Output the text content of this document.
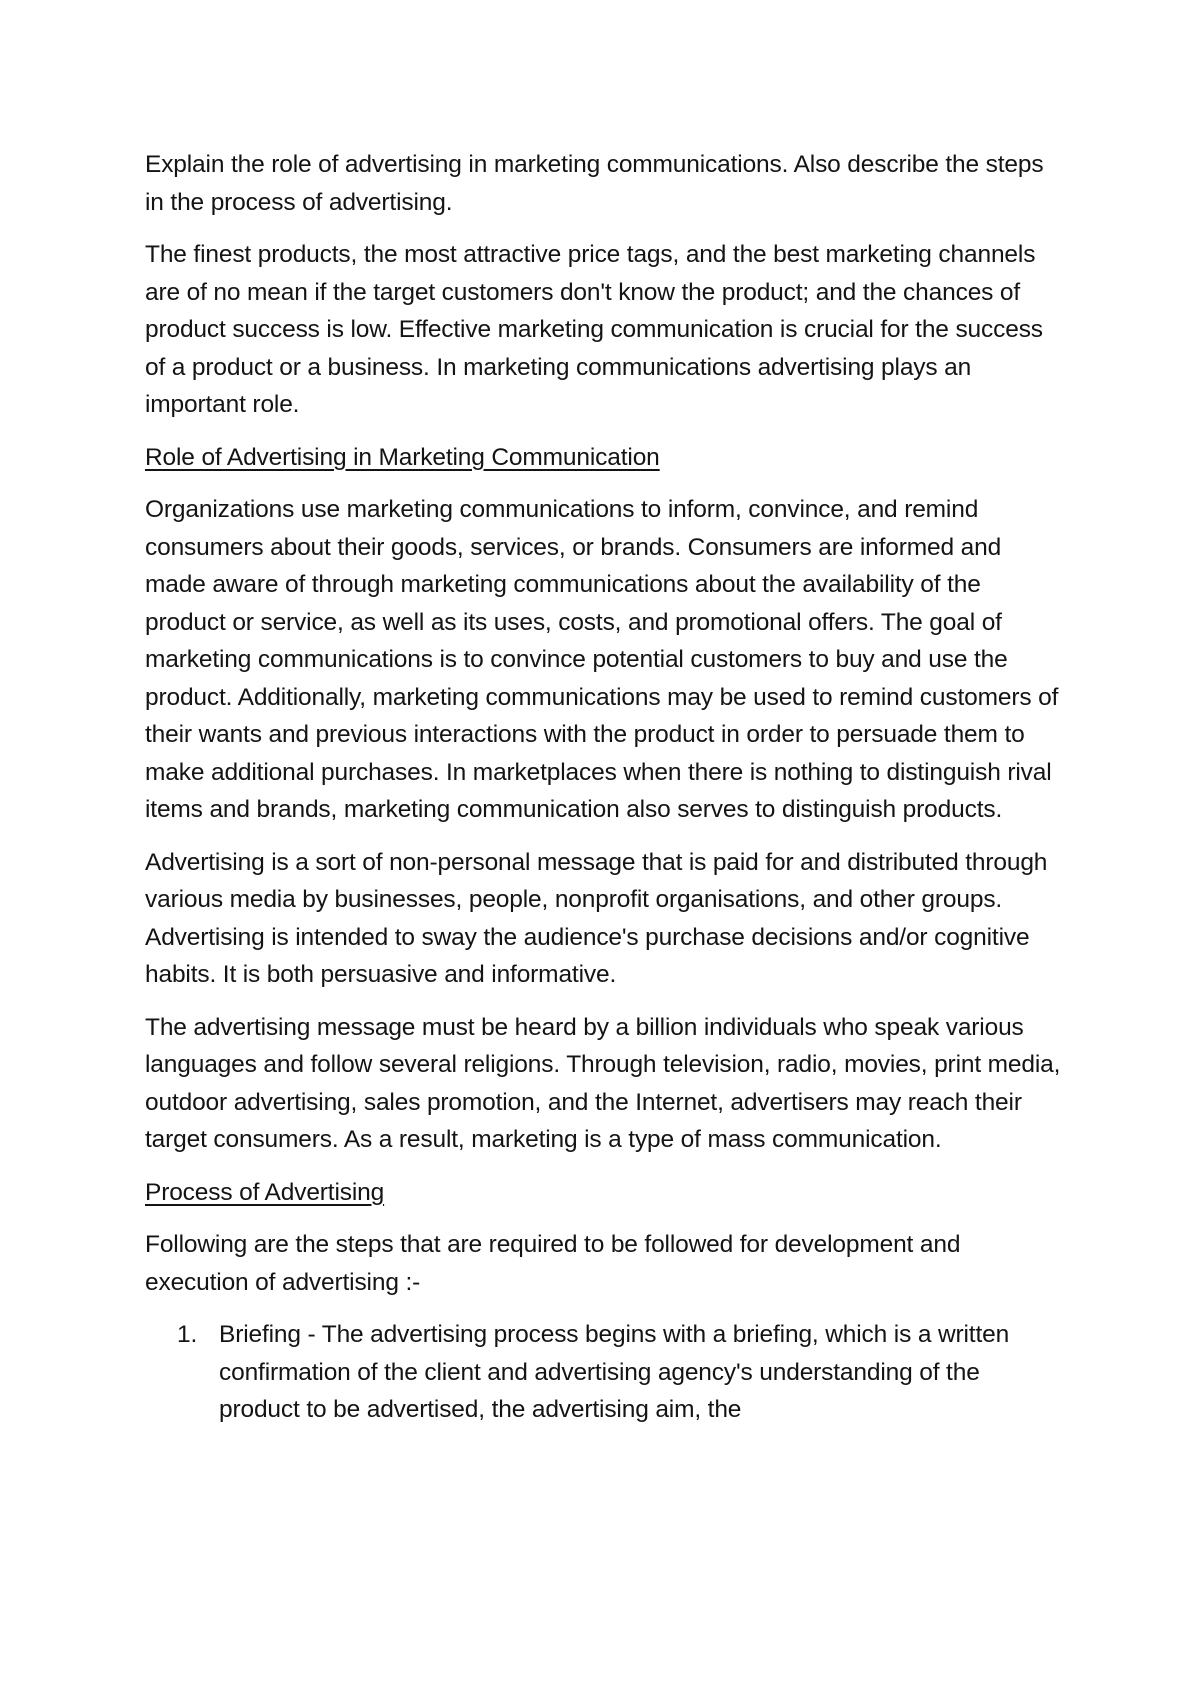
Explain the role of advertising in marketing communications. Also describe the steps in the process of advertising.

The finest products, the most attractive price tags, and the best marketing channels are of no mean if the target customers don't know the product; and the chances of product success is low. Effective marketing communication is crucial for the success of a product or a business. In marketing communications advertising plays an important role.

Role of Advertising in Marketing Communication

Organizations use marketing communications to inform, convince, and remind consumers about their goods, services, or brands. Consumers are informed and made aware of through marketing communications about the availability of the product or service, as well as its uses, costs, and promotional offers. The goal of marketing communications is to convince potential customers to buy and use the product. Additionally, marketing communications may be used to remind customers of their wants and previous interactions with the product in order to persuade them to make additional purchases. In marketplaces when there is nothing to distinguish rival items and brands, marketing communication also serves to distinguish products.

Advertising is a sort of non-personal message that is paid for and distributed through various media by businesses, people, nonprofit organisations, and other groups. Advertising is intended to sway the audience's purchase decisions and/or cognitive habits. It is both persuasive and informative.

The advertising message must be heard by a billion individuals who speak various languages and follow several religions. Through television, radio, movies, print media, outdoor advertising, sales promotion, and the Internet, advertisers may reach their target consumers. As a result, marketing is a type of mass communication.

Process of Advertising

Following are the steps that are required to be followed for development and execution of advertising :-

1. Briefing - The advertising process begins with a briefing, which is a written confirmation of the client and advertising agency's understanding of the product to be advertised, the advertising aim, the
